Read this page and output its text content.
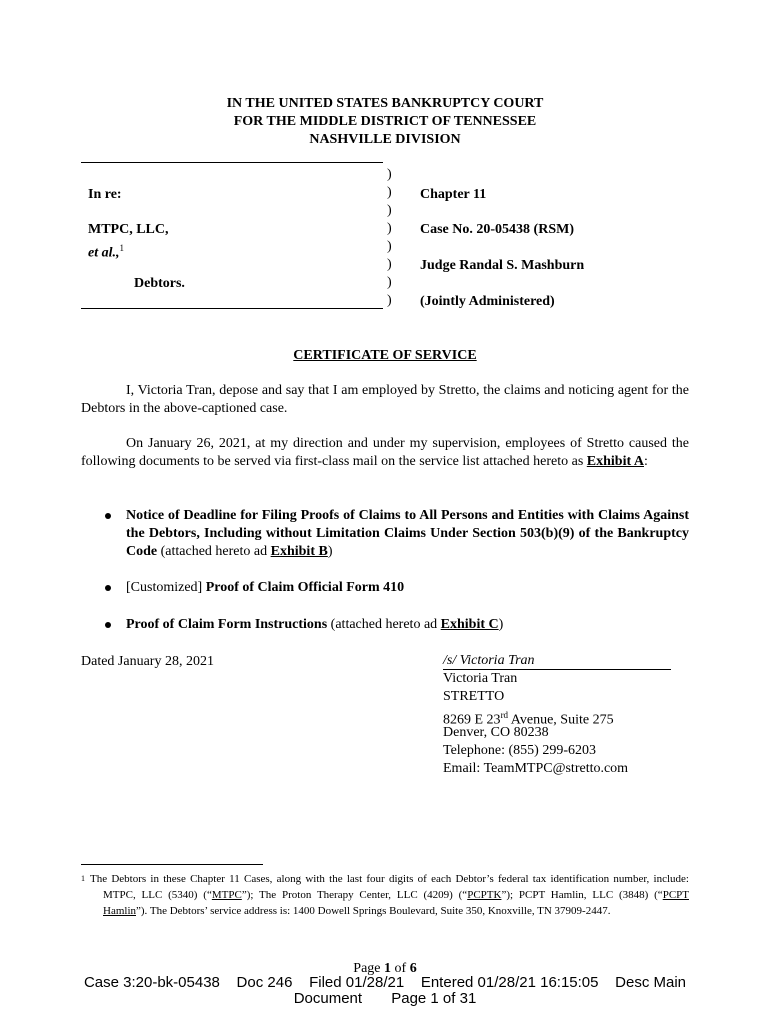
IN THE UNITED STATES BANKRUPTCY COURT
FOR THE MIDDLE DISTRICT OF TENNESSEE
NASHVILLE DIVISION
)
)
)
)
)
)
)
)
In re:
MTPC, LLC,
et al.,$^1$
Debtors.
Chapter 11
Case No. 20-05438 (RSM)
Judge Randal S. Mashburn
(Jointly Administered)
CERTIFICATE OF SERVICE
I, Victoria Tran, depose and say that I am employed by Stretto, the claims and noticing agent for the Debtors in the above-captioned case.
On January 26, 2021, at my direction and under my supervision, employees of Stretto caused the following documents to be served via first-class mail on the service list attached hereto as Exhibit A:
Notice of Deadline for Filing Proofs of Claims to All Persons and Entities with Claims Against the Debtors, Including without Limitation Claims Under Section 503(b)(9) of the Bankruptcy Code (attached hereto ad Exhibit B)
[Customized] Proof of Claim Official Form 410
Proof of Claim Form Instructions (attached hereto ad Exhibit C)
Dated January 28, 2021	/s/ Victoria Tran
Victoria Tran
STRETTO
8269 E 23rd Avenue, Suite 275
Denver, CO 80238
Telephone: (855) 299-6203
Email: TeamMTPC@stretto.com
$^1$ The Debtors in these Chapter 11 Cases, along with the last four digits of each Debtor’s federal tax identification number, include: MTPC, LLC (5340) (“MTPC”); The Proton Therapy Center, LLC (4209) (“PCPTK”); PCPT Hamlin, LLC (3848) (“PCPT Hamlin”). The Debtors’ service address is: 1400 Dowell Springs Boulevard, Suite 350, Knoxville, TN 37909-2447.
Page 1 of 6
Case 3:20-bk-05438    Doc 246    Filed 01/28/21    Entered 01/28/21 16:15:05    Desc Main
Document       Page 1 of 31
